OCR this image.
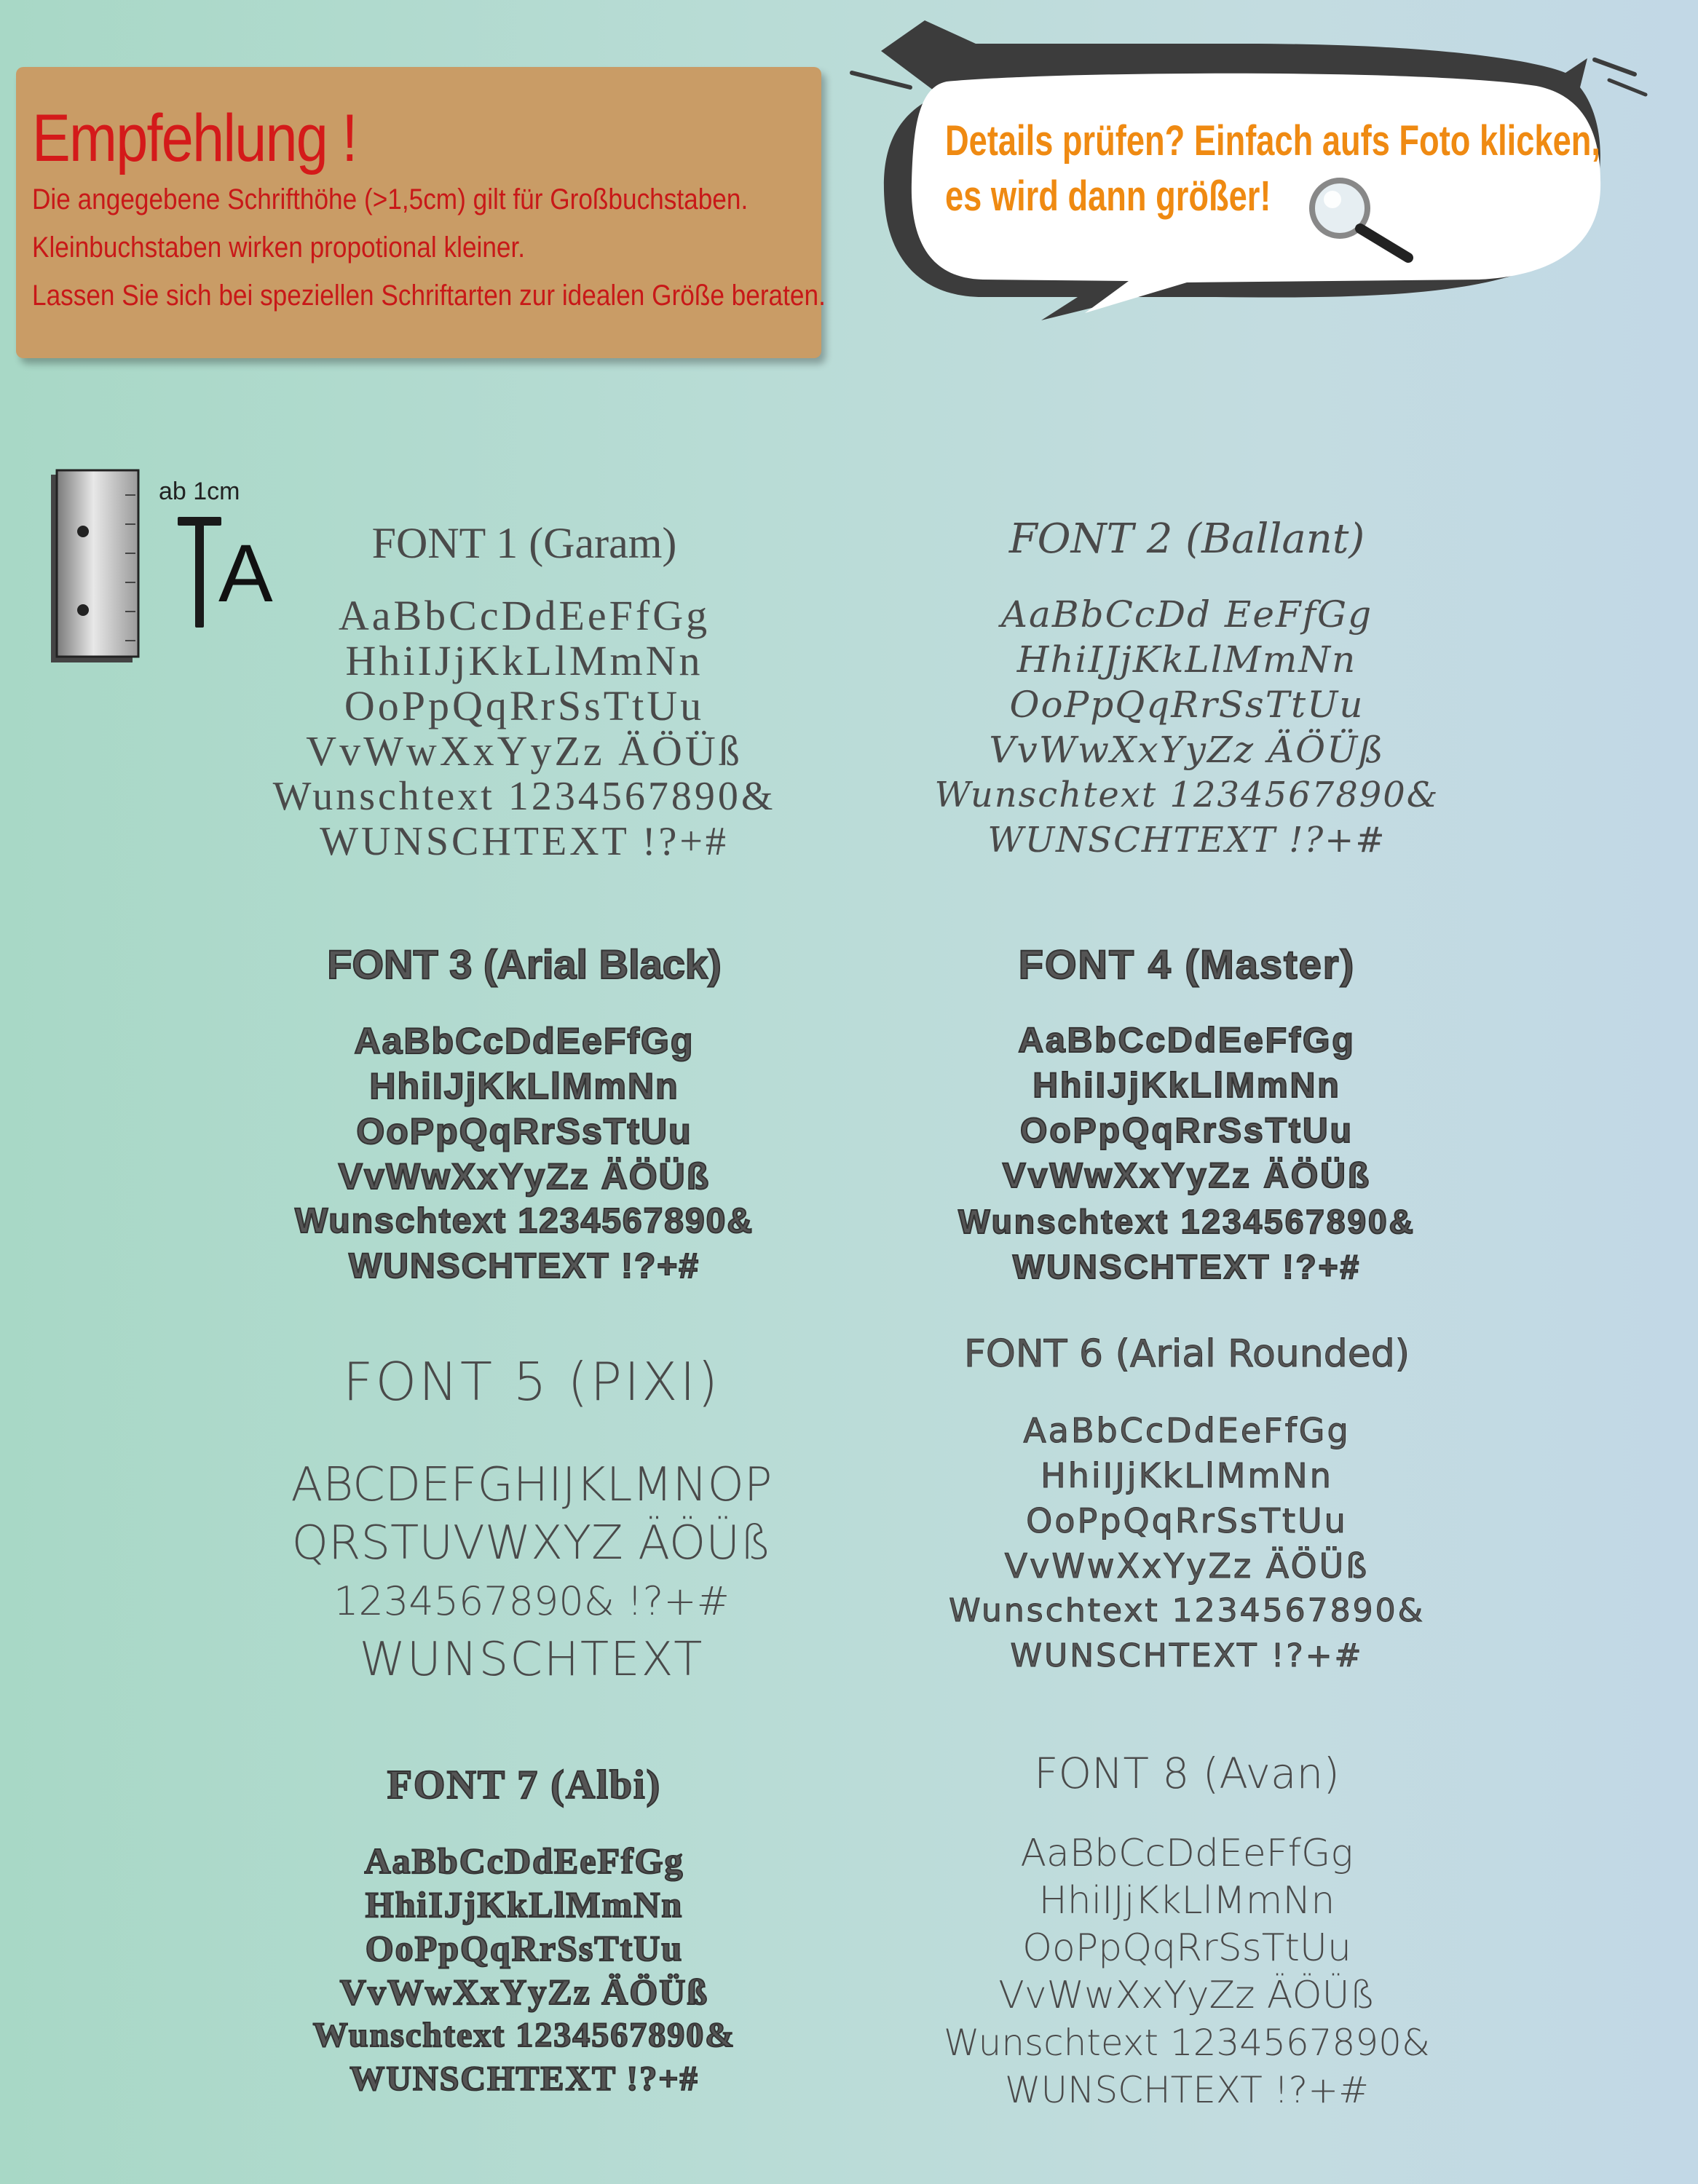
Empfehlung !
Die angegebene Schrifthöhe (>1,5cm) gilt für Großbuchstaben.
Kleinbuchstaben wirken propotional kleiner.
Lassen Sie sich bei speziellen Schriftarten zur idealen Größe beraten.
Details prüfen? Einfach aufs Foto klicken,
es wird dann größer!
ab 1cm
T
A	FONT 1 (Garam)

AaBbCcDdEeFfGg

HhiIJjKkLlMmNn

OoPpQqRrSsTtUu

VvWwXxYyZz ÄÖÜß

Wunschtext 1234567890&

WUNSCHTEXT !?+#

FONT 2 (Ballant)

AaBbCcDd EeFfGg

HhiIJjKkLlMmNn

OoPpQqRrSsTtUu

VvWwXxYyZz ÄÖÜß

Wunschtext 1234567890&

WUNSCHTEXT !?+#

FONT 3 (Arial Black)

AaBbCcDdEeFfGg

HhiIJjKkLlMmNn

OoPpQqRrSsTtUu

VvWwXxYyZz ÄÖÜß

Wunschtext 1234567890&

WUNSCHTEXT !?+#

FONT 4 (Master)

AaBbCcDdEeFfGg

HhiIJjKkLlMmNn

OoPpQqRrSsTtUu

VvWwXxYyZz ÄÖÜß

Wunschtext 1234567890&

WUNSCHTEXT !?+#

FONT 5 (PIXI)

ABCDEFGHIJKLMNOP

QRSTUVWXYZ ÄÖÜß

1234567890& !?+#

WUNSCHTEXT

FONT 6 (Arial Rounded)

AaBbCcDdEeFfGg

HhiIJjKkLlMmNn

OoPpQqRrSsTtUu

VvWwXxYyZz ÄÖÜß

Wunschtext 1234567890&

WUNSCHTEXT !?+#

FONT 7 (Albi)

AaBbCcDdEeFfGg

HhiIJjKkLlMmNn

OoPpQqRrSsTtUu

VvWwXxYyZz ÄÖÜß

Wunschtext 1234567890&

WUNSCHTEXT !?+#

FONT 8 (Avan)

AaBbCcDdEeFfGg

HhiIJjKkLlMmNn

OoPpQqRrSsTtUu

VvWwXxYyZz ÄÖÜß

Wunschtext 1234567890&

WUNSCHTEXT !?+#
